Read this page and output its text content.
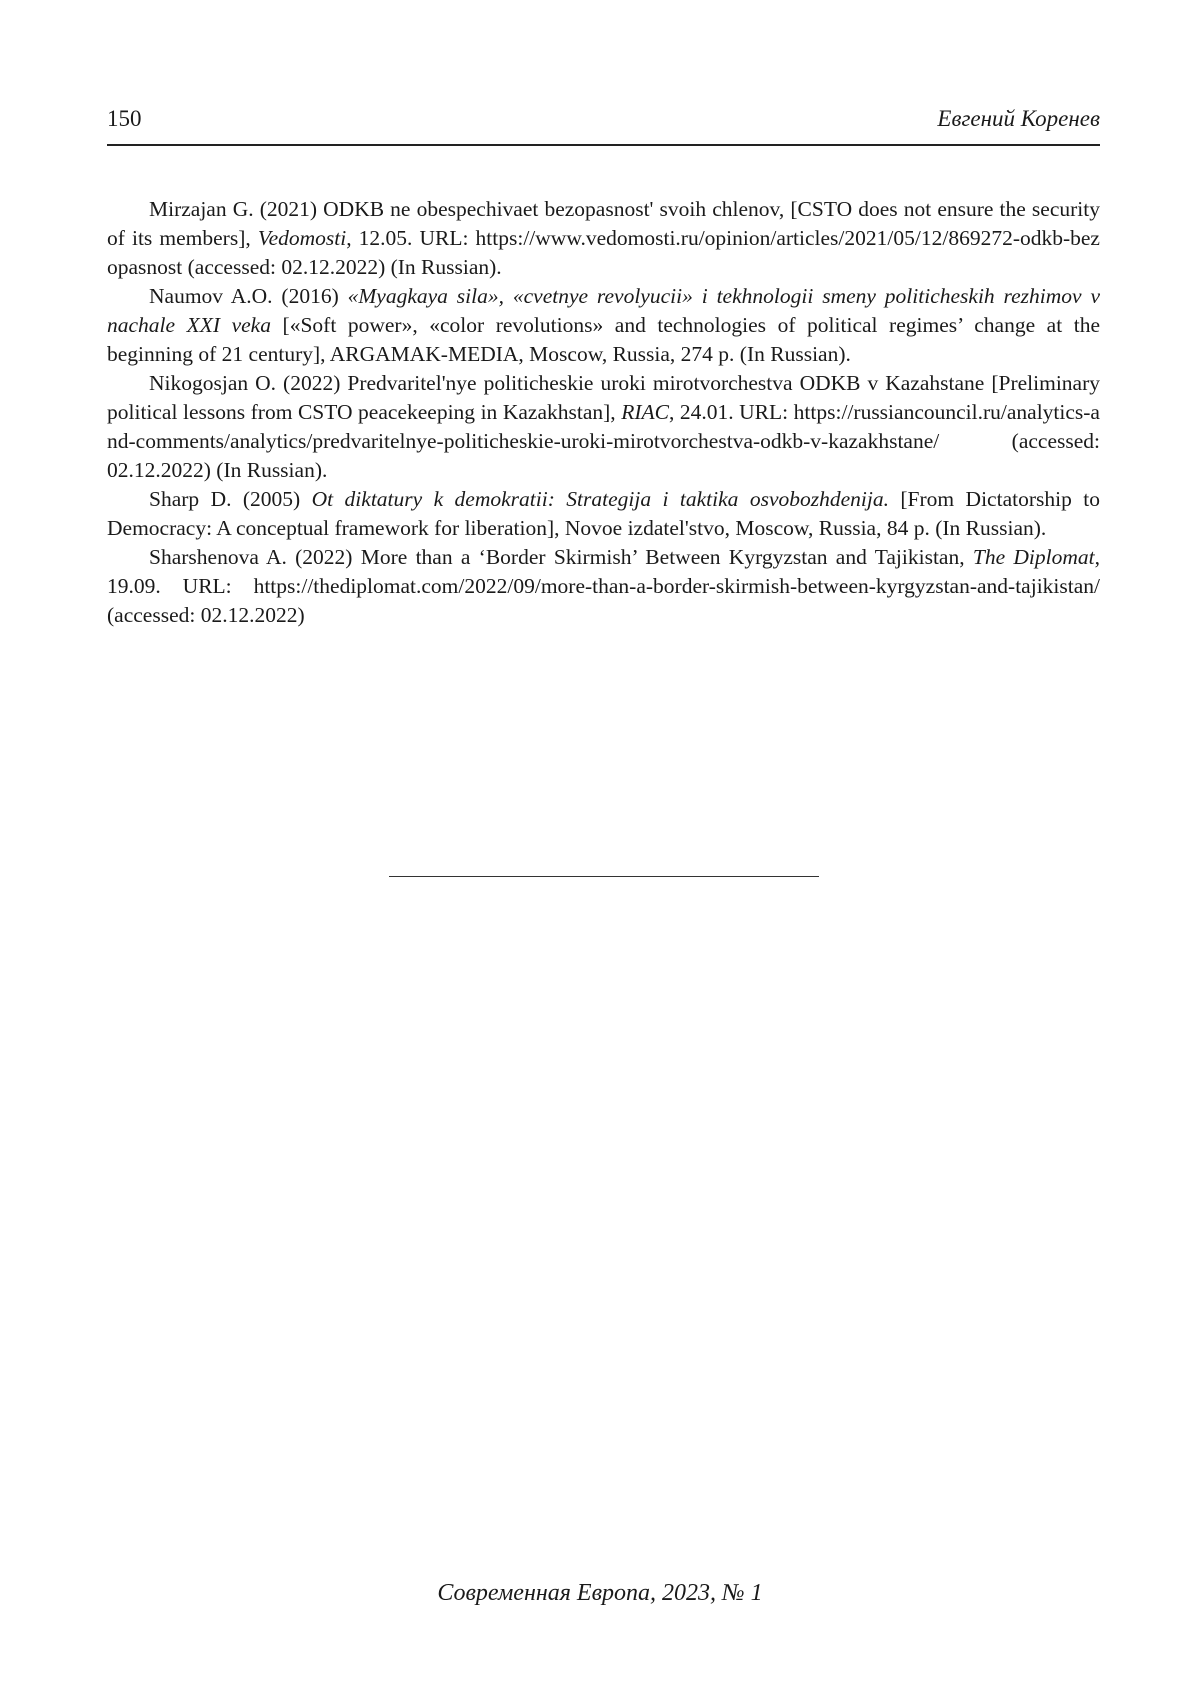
150	Евгений Коренев

Mirzajan G. (2021) ODKB ne obespechivaet bezopasnost' svoih chlenov, [CSTO does not ensure the security of its members], Vedomosti, 12.05. URL: https://www.vedomosti.ru/opinion/articles/2021/05/12/869272-odkb-bezopasnost (accessed: 02.12.2022) (In Russian).

Naumov A.O. (2016) «Myagkaya sila», «cvetnye revolyucii» i tekhnologii smeny politicheskih rezhimov v nachale XXI veka [«Soft power», «color revolutions» and technologies of political regimes’ change at the beginning of 21 century], ARGAMAK-MEDIA, Moscow, Russia, 274 p. (In Russian).

Nikogosjan O. (2022) Predvaritel'nye politicheskie uroki mirotvorchestva ODKB v Kazahstane [Preliminary political lessons from CSTO peacekeeping in Kazakhstan], RIAC, 24.01. URL: https://russiancouncil.ru/analytics-and-comments/analytics/predvaritelnye-politicheskie-uroki-mirotvorchestva-odkb-v-kazakhstane/ (accessed: 02.12.2022) (In Russian).

Sharp D. (2005) Ot diktatury k demokratii: Strategija i taktika osvobozhdenija. [From Dictatorship to Democracy: A conceptual framework for liberation], Novoe izdatel'stvo, Moscow, Russia, 84 p. (In Russian).

Sharshenova A. (2022) More than a ‘Border Skirmish’ Between Kyrgyzstan and Tajikistan, The Diplomat, 19.09. URL: https://thediplomat.com/2022/09/more-than-a-border-skirmish-between-kyrgyzstan-and-tajikistan/ (accessed: 02.12.2022)

Современная Европа, 2023, № 1
